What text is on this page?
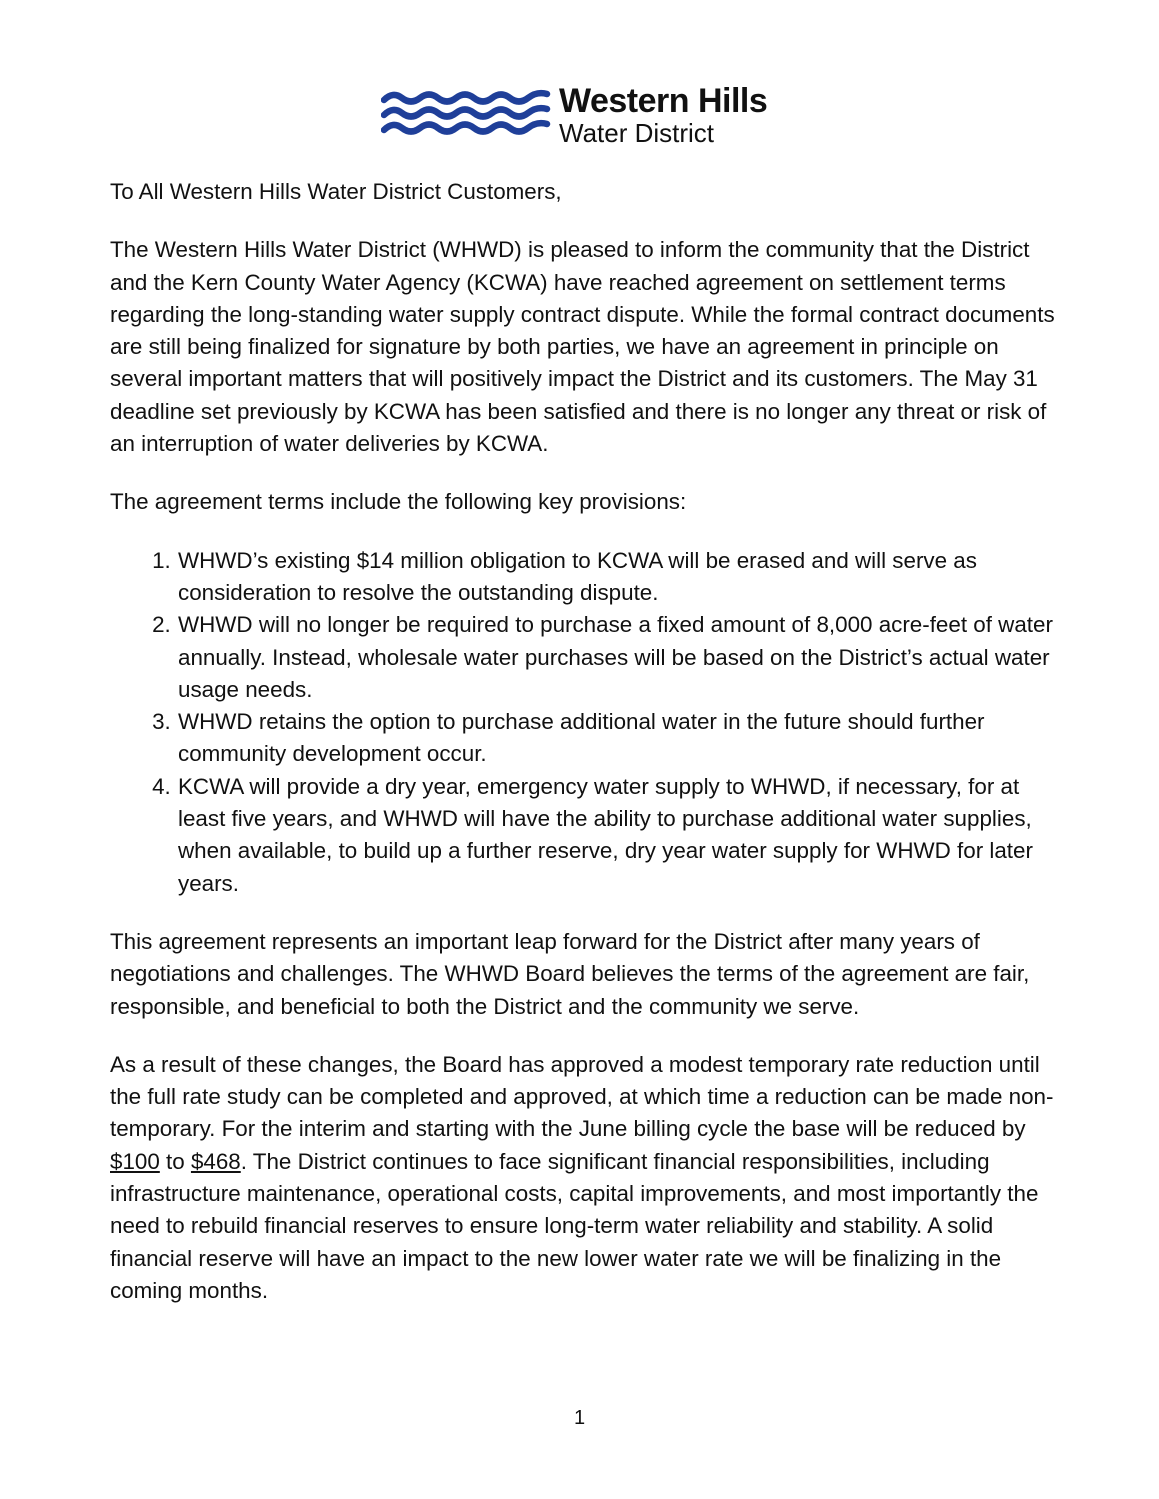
Western Hills
Water District

To All Western Hills Water District Customers,

The Western Hills Water District (WHWD) is pleased to inform the community that the District and the Kern County Water Agency (KCWA) have reached agreement on settlement terms regarding the long-standing water supply contract dispute. While the formal contract documents are still being finalized for signature by both parties, we have an agreement in principle on several important matters that will positively impact the District and its customers. The May 31 deadline set previously by KCWA has been satisfied and there is no longer any threat or risk of an interruption of water deliveries by KCWA.

The agreement terms include the following key provisions:

1. WHWD’s existing $14 million obligation to KCWA will be erased and will serve as consideration to resolve the outstanding dispute.
2. WHWD will no longer be required to purchase a fixed amount of 8,000 acre-feet of water annually. Instead, wholesale water purchases will be based on the District’s actual water usage needs.
3. WHWD retains the option to purchase additional water in the future should further community development occur.
4. KCWA will provide a dry year, emergency water supply to WHWD, if necessary, for at least five years, and WHWD will have the ability to purchase additional water supplies, when available, to build up a further reserve, dry year water supply for WHWD for later years.

This agreement represents an important leap forward for the District after many years of negotiations and challenges. The WHWD Board believes the terms of the agreement are fair, responsible, and beneficial to both the District and the community we serve.

As a result of these changes, the Board has approved a modest temporary rate reduction until the full rate study can be completed and approved, at which time a reduction can be made non-temporary. For the interim and starting with the June billing cycle the base will be reduced by $100 to $468. The District continues to face significant financial responsibilities, including infrastructure maintenance, operational costs, capital improvements, and most importantly the need to rebuild financial reserves to ensure long-term water reliability and stability. A solid financial reserve will have an impact to the new lower water rate we will be finalizing in the coming months.

1
